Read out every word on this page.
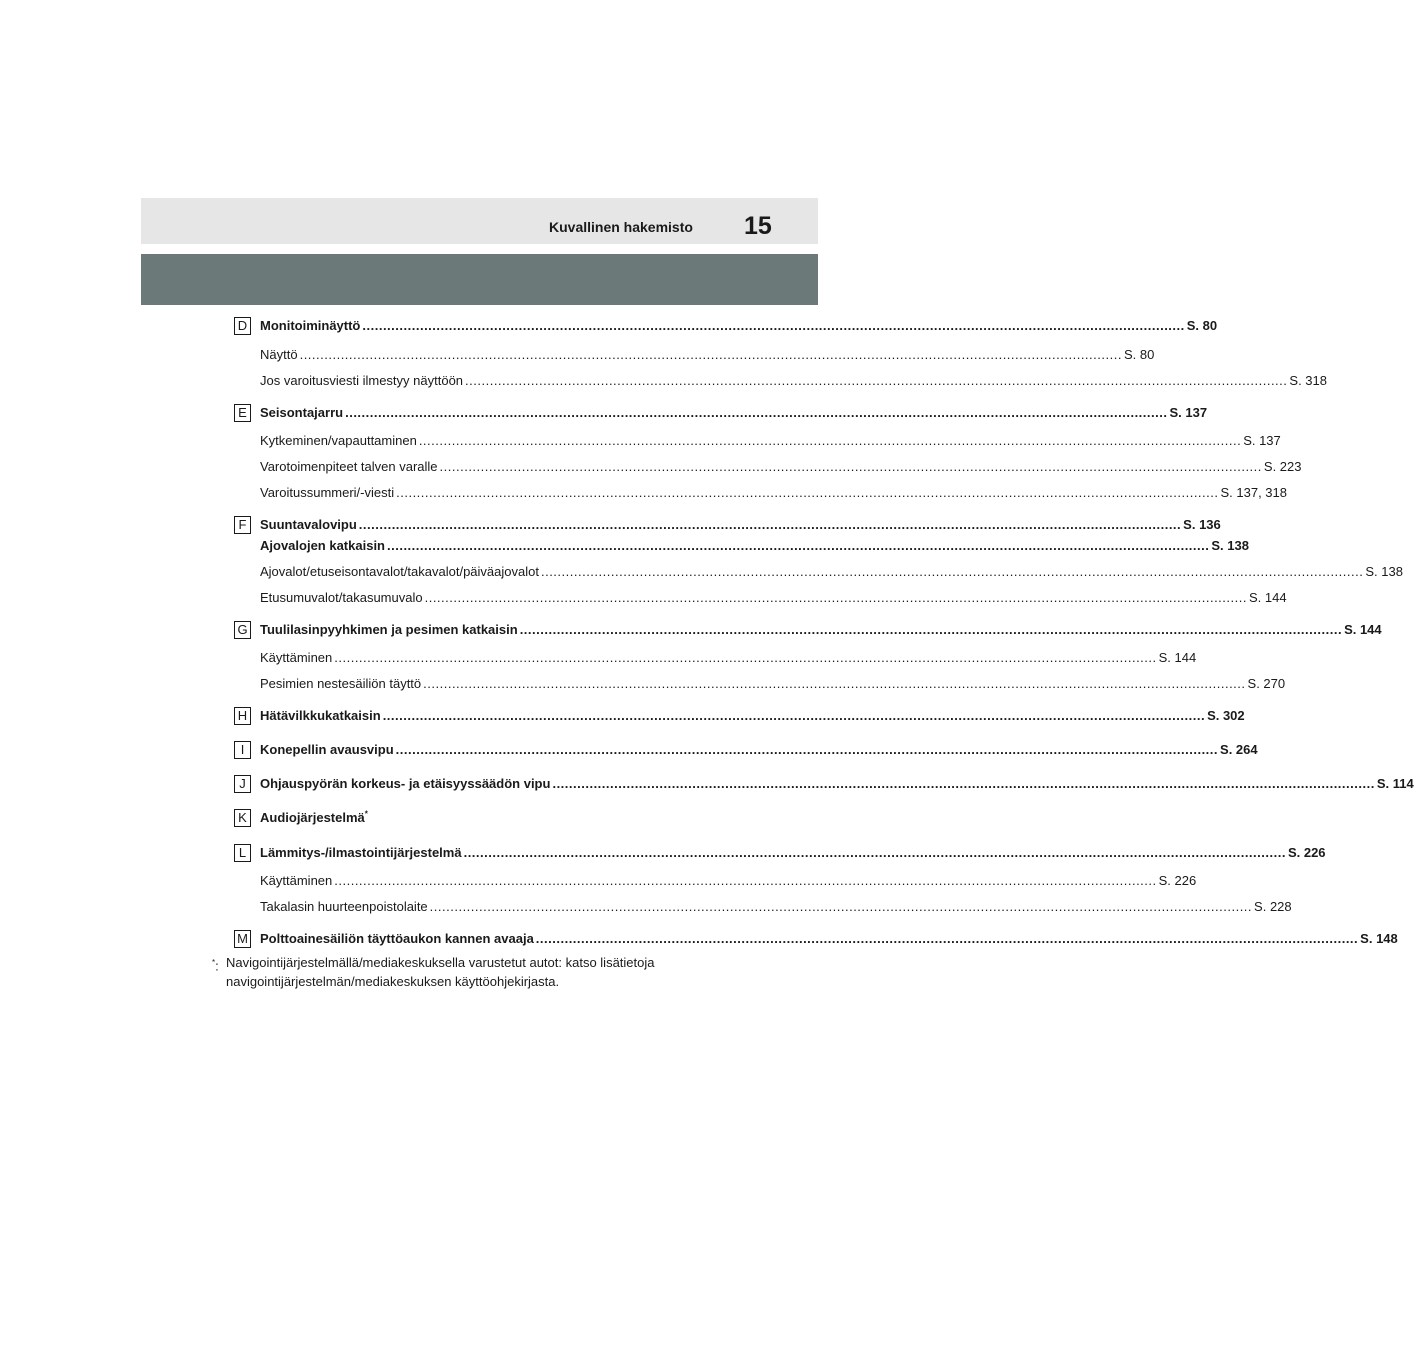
Kuvallinen hakemisto 15
D Monitoiminäyttö ........................................................................................................................................................................................................ S. 80
Näyttö ........................................................................................................................................................................................................ S. 80
Jos varoitusviesti ilmestyy näyttöön ........................................................................................................................................................................................................ S. 318
E	Seisontajarru ........................................................................................................................................................................................................ S. 137
Kytkeminen/vapauttaminen ........................................................................................................................................................................................................ S. 137
Varotoimenpiteet talven varalle ........................................................................................................................................................................................................ S. 223
Varoitussummeri/-viesti ........................................................................................................................................................................................................ S. 137, 318
F	Suuntavalovipu ........................................................................................................................................................................................................ S. 136
Ajovalojen katkaisin ........................................................................................................................................................................................................ S. 138
Ajovalot/etuseisontavalot/takavalot/päiväajovalot ........................................................................................................................................................................................................ S. 138
Etusumuvalot/takasumuvalo ........................................................................................................................................................................................................ S. 144
G Tuulilasinpyyhkimen ja pesimen katkaisin ........................................................................................................................................................................................................ S. 144
Käyttäminen ........................................................................................................................................................................................................ S. 144
Pesimien nestesäiliön täyttö ........................................................................................................................................................................................................ S. 270
H Hätävilkkukatkaisin ........................................................................................................................................................................................................ S. 302
I	Konepellin avausvipu ........................................................................................................................................................................................................ S. 264
J	Ohjauspyörän korkeus- ja etäisyyssäädön vipu ........................................................................................................................................................................................................ S. 114
K	Audiojärjestelmä*
L	Lämmitys-/ilmastointijärjestelmä ........................................................................................................................................................................................................ S. 226
Käyttäminen ........................................................................................................................................................................................................ S. 226
Takalasin huurteenpoistolaite ........................................................................................................................................................................................................ S. 228
M Polttoainesäiliön täyttöaukon kannen avaaja ........................................................................................................................................................................................................ S. 148
*: Navigointijärjestelmällä/mediakeskuksella varustetut autot: katso lisätietoja navigointijärjestelmän/mediakeskuksen käyttöohjekirjasta.
